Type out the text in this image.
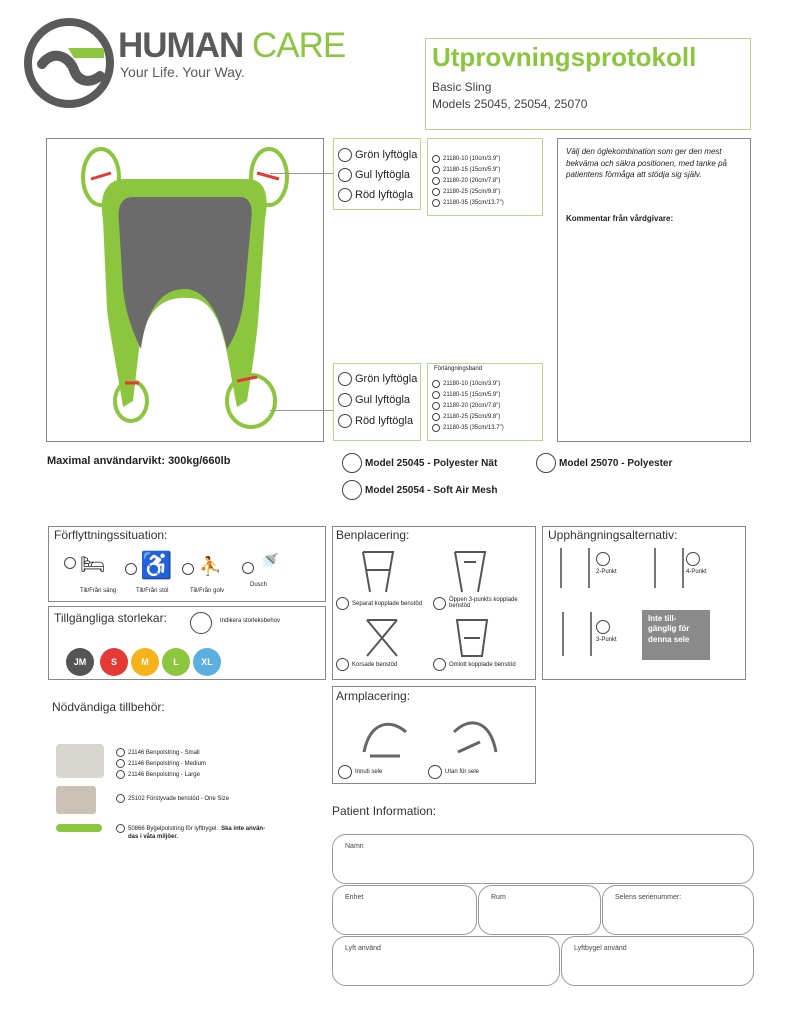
HUMAN CARE
Your Life. Your Way.	Utprovningsprotokoll
Basic Sling
Models 25045, 25054, 25070
Grön lyftögla
Gul lyftögla
Röd lyftögla
21180-10 (10cm/3.9")
21180-15 (15cm/5.9")
21180-20 (20cm/7.8")
21180-25 (25cm/9.8")
21180-35 (35cm/13.7")
Grön lyftögla
Gul lyftögla
Röd lyftögla
Förlängningsband
21180-10 (10cm/3.9")
21180-15 (15cm/5.9")
21180-20 (20cm/7.8")
21180-25 (25cm/9.8")
21180-35 (35cm/13.7")
Välj den öglekombination som ger den mest bekväma och säkra positionen, med tanke på patientens förmåga att stödja sig själv.
Kommentar från vårdgivare:
Maximal användarvikt: 300kg/660lb	Model 25045 - Polyester Nät	Model 25070 - Polyester
Model 25054 - Soft Air Mesh
Förflyttningssituation:
🛏
Till/Från säng
♿
Till/Från stol
⛹
Till/Från golv
🚿
Dusch
Tillgängliga storlekar:	Indikera storleksbehov
JM	S	M	L	XL
Benplacering:
Separat kopplade benstöd
Öppen 3-punkts kopplade benstöd
Korsade benstöd	Omlott kopplade benstöd
Upphängningsalternativ:
2-Punkt	4-Punkt
3-Punkt
Inte till- gänglig för denna sele
Armplacering:
Innuti sele	Utan för sele
Nödvändiga tillbehör:
21146 Benpolstring - Small
21146 Benpolstring - Medium
21146 Benpolstring - Large
25102 Förstyvade benstöd - One Size
50866 Bygelpolstring för lyftbygel. Ska inte använ-
das i våta miljöer.
Patient Information:
Namn
Enhet	Rum	Selens serienummer:
Lyft använd	Lyftbygel använd
